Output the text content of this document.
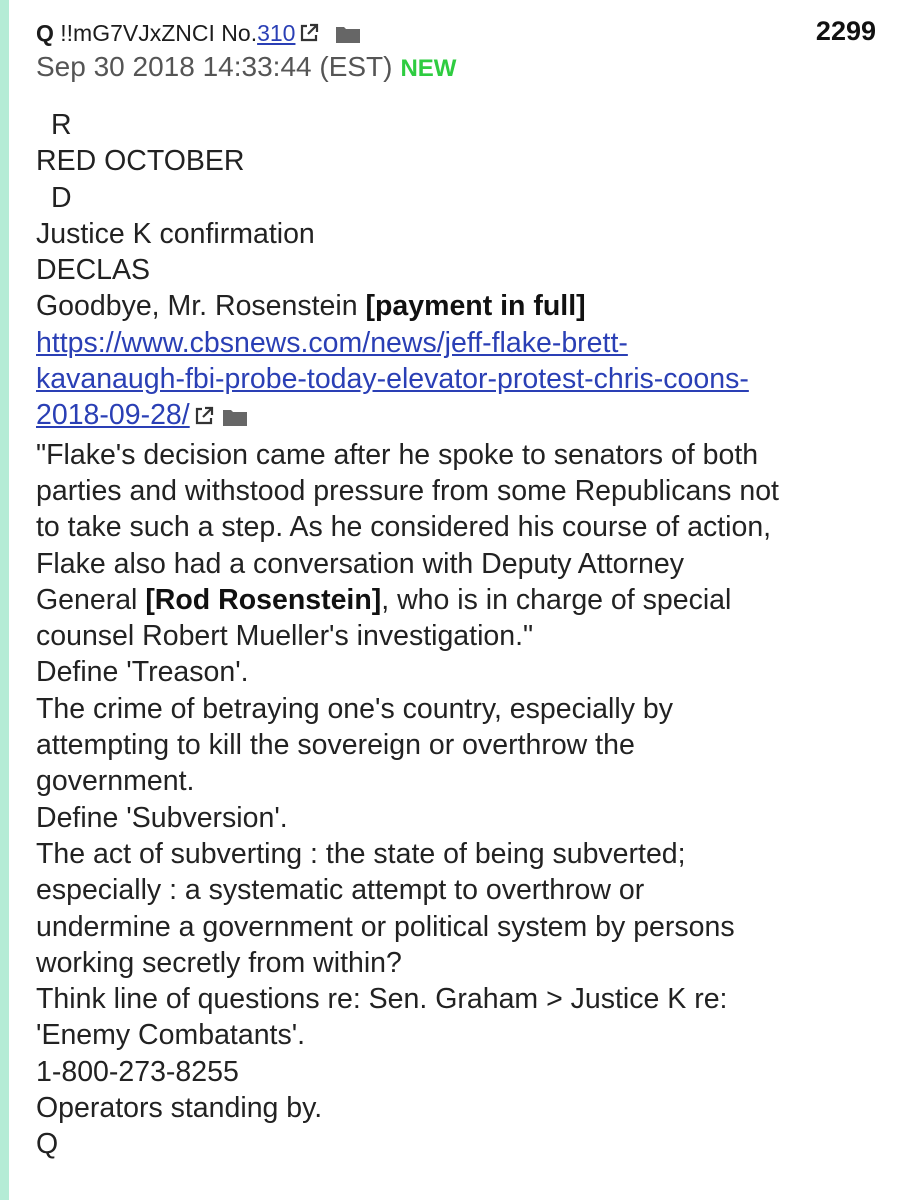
Q !!mG7VJxZNCI No.310	2299
Sep 30 2018 14:33:44 (EST) NEW
R
RED OCTOBER
D
Justice K confirmation
DECLAS
Goodbye, Mr. Rosenstein [payment in full]
https://www.cbsnews.com/news/jeff-flake-brett-
kavanaugh-fbi-probe-today-elevator-protest-chris-coons-
2018-09-28/
"Flake's decision came after he spoke to senators of both
parties and withstood pressure from some Republicans not
to take such a step. As he considered his course of action,
Flake also had a conversation with Deputy Attorney
General [Rod Rosenstein], who is in charge of special
counsel Robert Mueller's investigation."
Define 'Treason'.
The crime of betraying one's country, especially by
attempting to kill the sovereign or overthrow the
government.
Define 'Subversion'.
The act of subverting : the state of being subverted;
especially : a systematic attempt to overthrow or
undermine a government or political system by persons
working secretly from within?
Think line of questions re: Sen. Graham > Justice K re:
'Enemy Combatants'.
1-800-273-8255
Operators standing by.
Q
